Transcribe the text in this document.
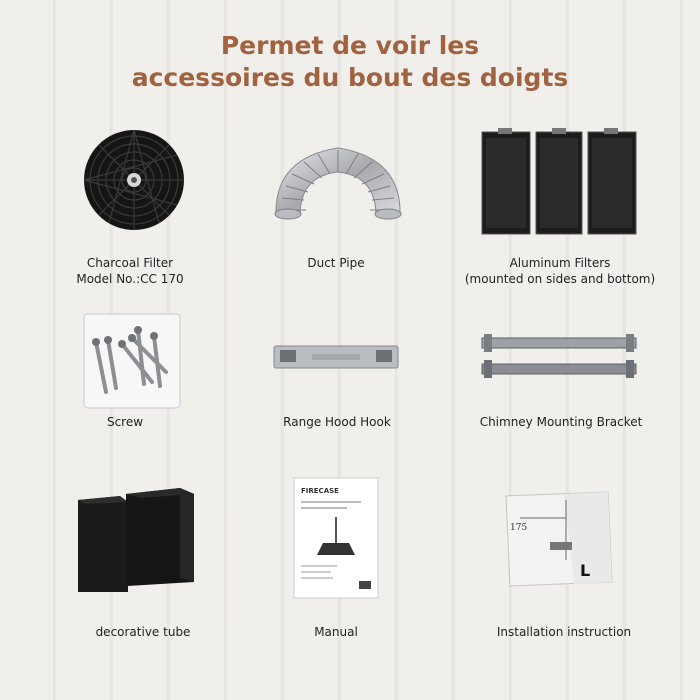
Permet de voir les
accessoires du bout des doigts
Charcoal Filter
Model No.:CC 170
Duct Pipe	Aluminum Filters
(mounted on sides and bottom)
Screw	Range Hood Hook	Chimney Mounting Bracket
decorative tube
FIRECASE
Manual
175
L
Installation instruction
